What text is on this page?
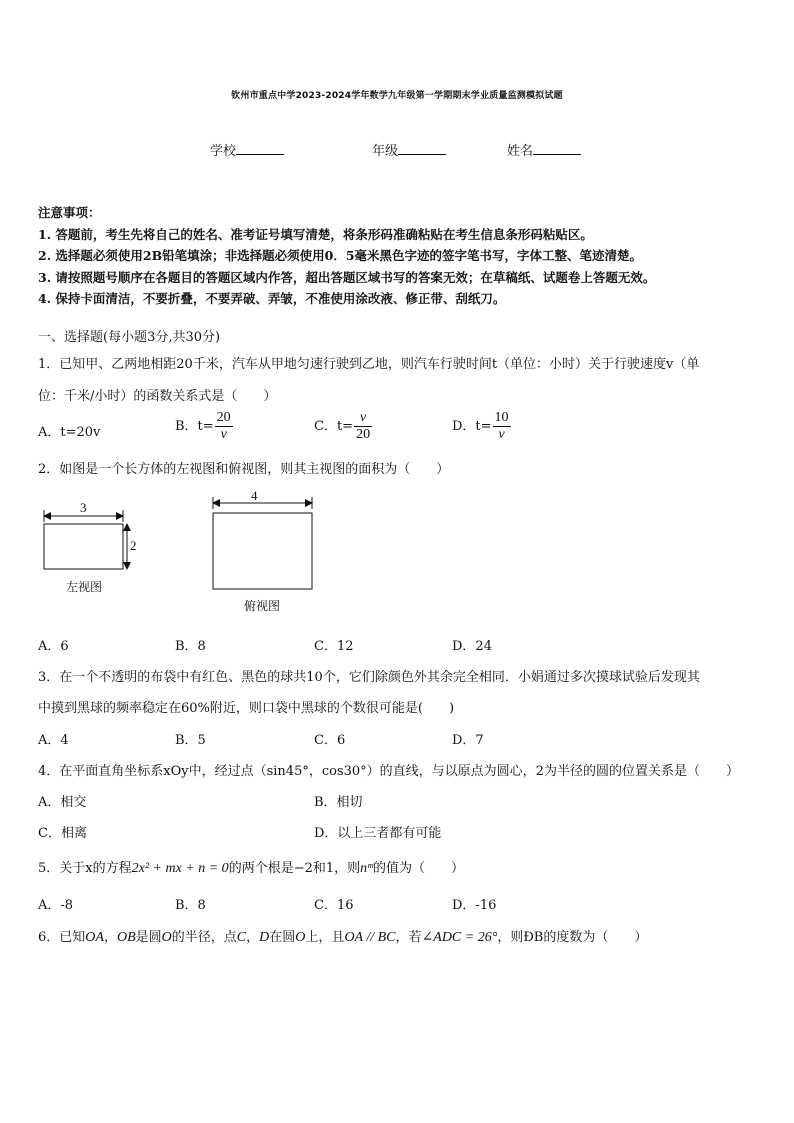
钦州市重点中学2023-2024学年数学九年级第一学期期末学业质量监测模拟试题
学校	年级	姓名
注意事项：
1. 答题前，考生先将自己的姓名、准考证号填写清楚，将条形码准确粘贴在考生信息条形码粘贴区。
2. 选择题必须使用2B铅笔填涂；非选择题必须使用0．5毫米黑色字迹的签字笔书写，字体工整、笔迹清楚。
3. 请按照题号顺序在各题目的答题区域内作答，超出答题区域书写的答案无效；在草稿纸、试题卷上答题无效。
4. 保持卡面清洁，不要折叠，不要弄破、弄皱，不准使用涂改液、修正带、刮纸刀。
一、选择题(每小题3分,共30分)
1．已知甲、乙两地相距20千米，汽车从甲地匀速行驶到乙地，则汽车行驶时间t（单位：小时）关于行驶速度v（单
位：千米/小时）的函数关系式是（　　）
A．t=20v	B．$t= \frac{20}{v}$	C．$t= \frac{v}{20}$	D．$t= \frac{10}{v}$
2．如图是一个长方体的左视图和俯视图，则其主视图的面积为（　　）
3
2
4
左视图
俯视图
A．6	B．8	C．12	D．24
3．在一个不透明的布袋中有红色、黑色的球共10个，它们除颜色外其余完全相同．小娟通过多次摸球试验后发现其
中摸到黑球的频率稳定在60%附近，则口袋中黑球的个数很可能是(　　)
A．4	B．5	C．6	D．7
4．在平面直角坐标系xOy中，经过点（sin45°，cos30°）的直线，与以原点为圆心，2为半径的圆的位置关系是（　　）
A．相交	B．相切
C．相离	D．以上三者都有可能
5．关于x的方程2x² + mx + n = 0的两个根是−2和1，则nᵐ的值为（　　）
A．-8	B．8	C．16	D．-16
6．已知OA，OB是圆O的半径，点C，D在圆O上，且OA // BC，若∠ADC = 26°，则ÐB的度数为（　　）
